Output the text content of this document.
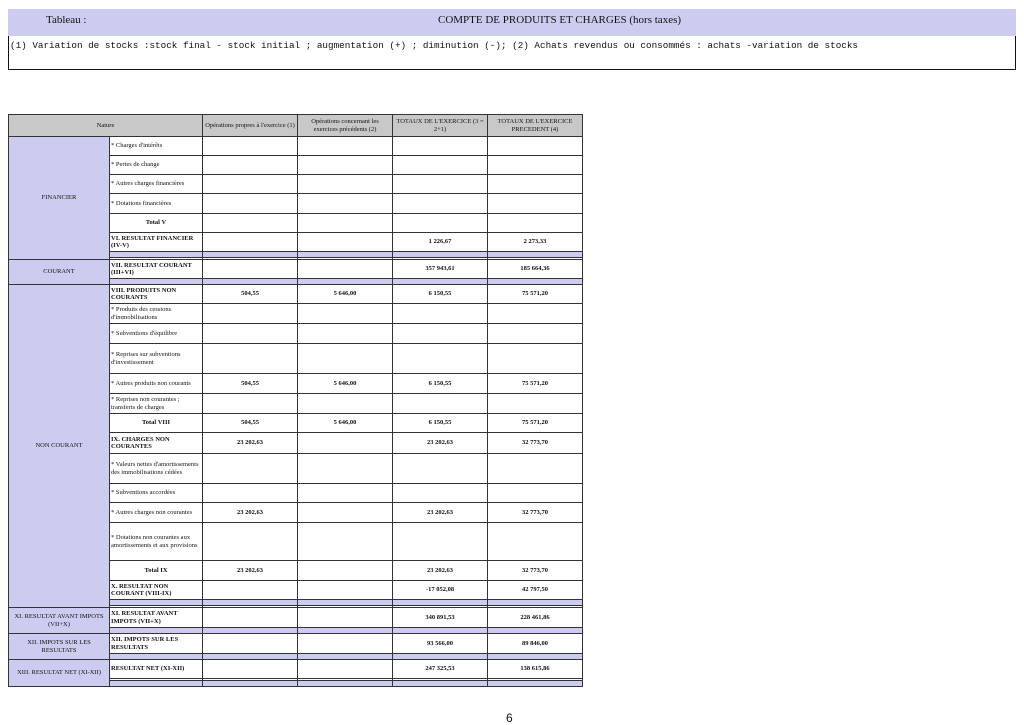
Tableau :	COMPTE DE PRODUITS ET CHARGES (hors taxes)
(1) Variation de stocks :stock final - stock initial ; augmentation (+) ; diminution (-); (2) Achats revendus ou consommés : achats -variation de stocks
Nature		Opérations propres à l'exercice (1)	Opérations concernant les exercices précédents (2)	TOTAUX DE L'EXERCICE (3 = 2+1)	TOTAUX DE L'EXERCICE PRECEDENT (4)
FINANCIER	* Charges d'intérêts				
	* Pertes de change				
	* Autres charges financières				
	* Dotations financières				
	Total V				
	VI. RESULTAT FINANCIER (IV-V)			1 226,67	2 273,33

COURANT	VII. RESULTAT COURANT (III+VI)			357 943,61	185 664,36

NON COURANT	VIII. PRODUITS NON COURANTS	504,55	5 646,00	6 150,55	75 571,20
	* Produits des cessions d'immobilisations				
	* Subventions d'équilibre				
	* Reprises sur subventions d'investissement				
	* Autres produits non courants	504,55	5 646,00	6 150,55	75 571,20
	* Reprises non courantes ; transferts de charges				
	Total VIII	504,55	5 646,00	6 150,55	75 571,20
	IX. CHARGES NON COURANTES	23 202,63		23 202,63	32 773,70
	* Valeurs nettes d'amortissements des immobilisations cédées				
	* Subventions accordées				
	* Autres charges non courantes	23 202,63		23 202,63	32 773,70
	* Dotations non courantes aux amortissements et aux provisions				
	Total IX	23 202,63		23 202,63	32 773,70
	X. RESULTAT NON COURANT (VIII-IX)			-17 052,08	42 797,50

XI. RESULTAT AVANT IMPOTS (VII+X)	XI. RESULTAT AVANT IMPOTS (VII+X)			340 891,53	228 461,86

XII. IMPOTS SUR LES RESULTATS	XII. IMPOTS SUR LES RESULTATS			93 566,00	89 846,00

XIII. RESULTAT NET (XI-XII)	RESULTAT NET (XI-XII)			247 325,53	138 615,86

6
